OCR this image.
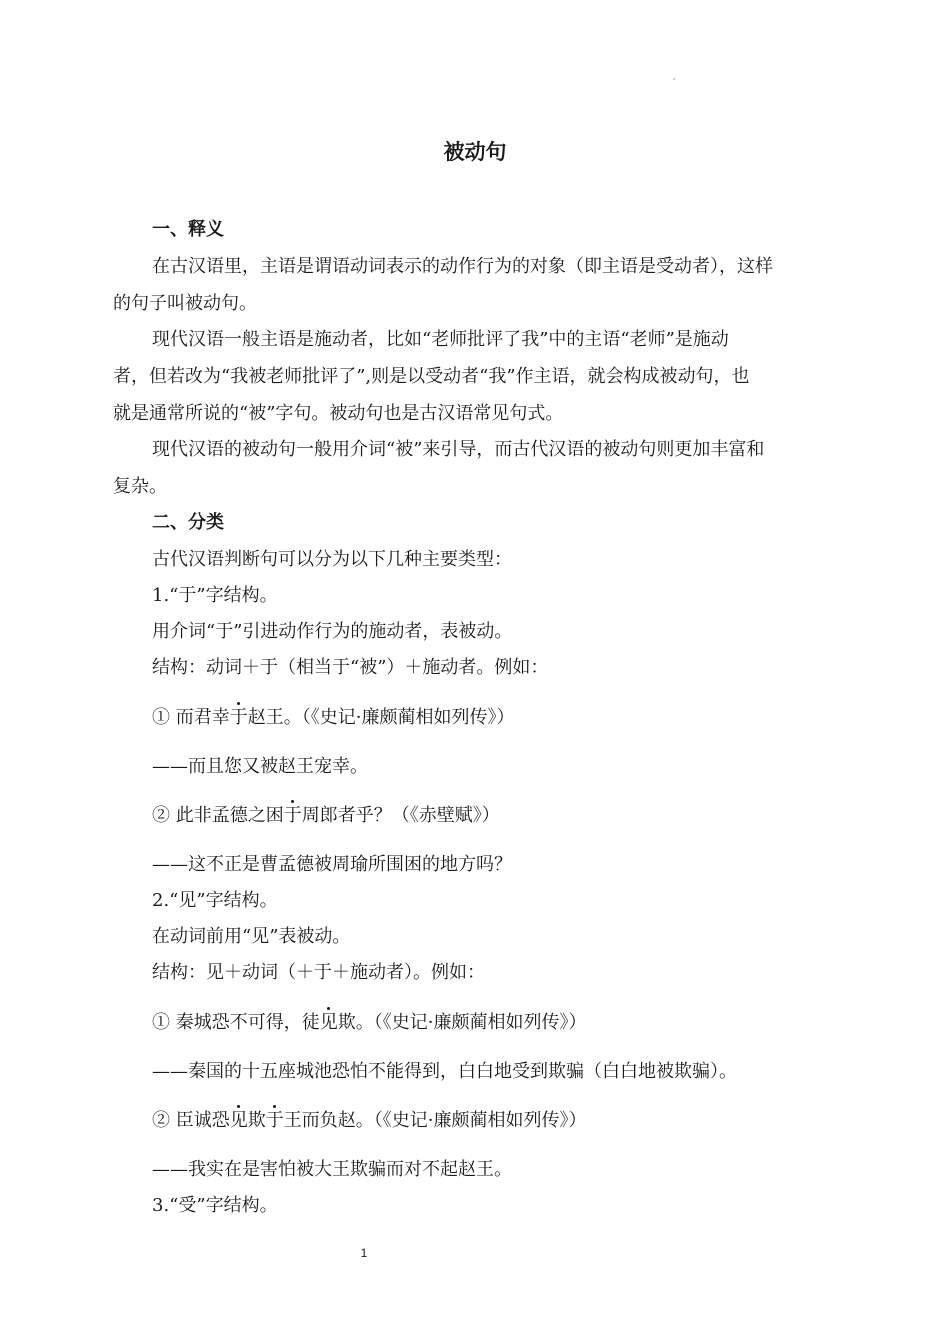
被动句

一、释义

在古汉语里，主语是谓语动词表示的动作行为的对象（即主语是受动者），这样

的句子叫被动句。

现代汉语一般主语是施动者，比如“老师批评了我”中的主语“老师”是施动

者，但若改为“我被老师批评了”,则是以受动者“我”作主语，就会构成被动句，也

就是通常所说的“被”字句。被动句也是古汉语常见句式。

现代汉语的被动句一般用介词“被”来引导，而古代汉语的被动句则更加丰富和

复杂。

二、分类

古代汉语判断句可以分为以下几种主要类型：

1.“于”字结构。

用介词“于”引进动作行为的施动者，表被动。

结构：动词＋于（相当于“被”）＋施动者。例如：

① 而君幸于赵王。（《史记·廉颇蔺相如列传》）

——而且您又被赵王宠幸。

② 此非孟德之困于周郎者乎？（《赤壁赋》）

——这不正是曹孟德被周瑜所围困的地方吗？

2.“见”字结构。

在动词前用“见”表被动。

结构：见＋动词（＋于＋施动者）。例如：

① 秦城恐不可得，徒见欺。（《史记·廉颇蔺相如列传》）

——秦国的十五座城池恐怕不能得到，白白地受到欺骗（白白地被欺骗）。

② 臣诚恐见欺于王而负赵。（《史记·廉颇蔺相如列传》）

——我实在是害怕被大王欺骗而对不起赵王。

3.“受”字结构。

1
